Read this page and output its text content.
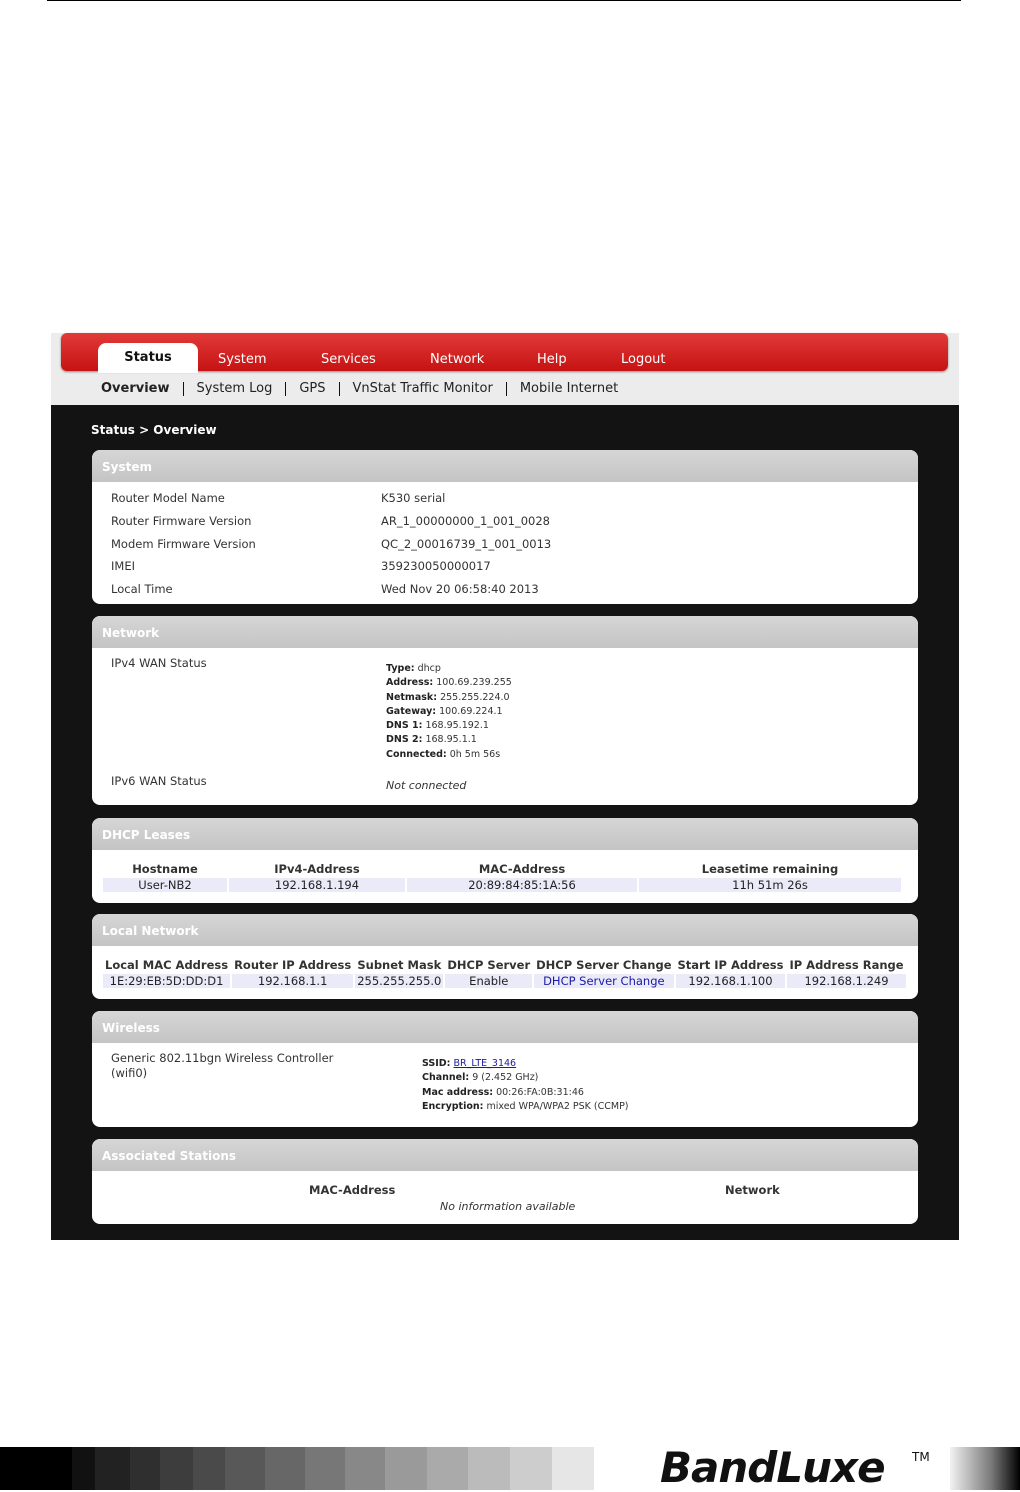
Status	System	Services	Network	Help	Logout
Overview System Log GPS VnStat Traffic Monitor Mobile Internet
Status > Overview
System
Router Model Name	K530 serial
Router Firmware Version	AR_1_00000000_1_001_0028
Modem Firmware Version	QC_2_00016739_1_001_0013
IMEI	359230050000017
Local Time	Wed Nov 20 06:58:40 2013
Network
IPv4 WAN Status	Type: dhcp
Address: 100.69.239.255
Netmask: 255.255.224.0
Gateway: 100.69.224.1
DNS 1: 168.95.192.1
DNS 2: 168.95.1.1
Connected: 0h 5m 56s
IPv6 WAN Status	Not connected
DHCP Leases
Hostname	IPv4-Address	MAC-Address	Leasetime remaining
User-NB2	192.168.1.194	20:89:84:85:1A:56	11h 51m 26s
Local Network
Local MAC Address	Router IP Address	Subnet Mask	DHCP Server	DHCP Server Change	Start IP Address	IP Address Range
1E:29:EB:5D:DD:D1	192.168.1.1	255.255.255.0	Enable	DHCP Server Change	192.168.1.100	192.168.1.249
Wireless
Generic 802.11bgn Wireless Controller
(wifi0)
SSID: BR_LTE_3146
Channel: 9 (2.452 GHz)
Mac address: 00:26:FA:0B:31:46
Encryption: mixed WPA/WPA2 PSK (CCMP)
Associated Stations
MAC-Address	Network
No information available
BandLuxe TM
